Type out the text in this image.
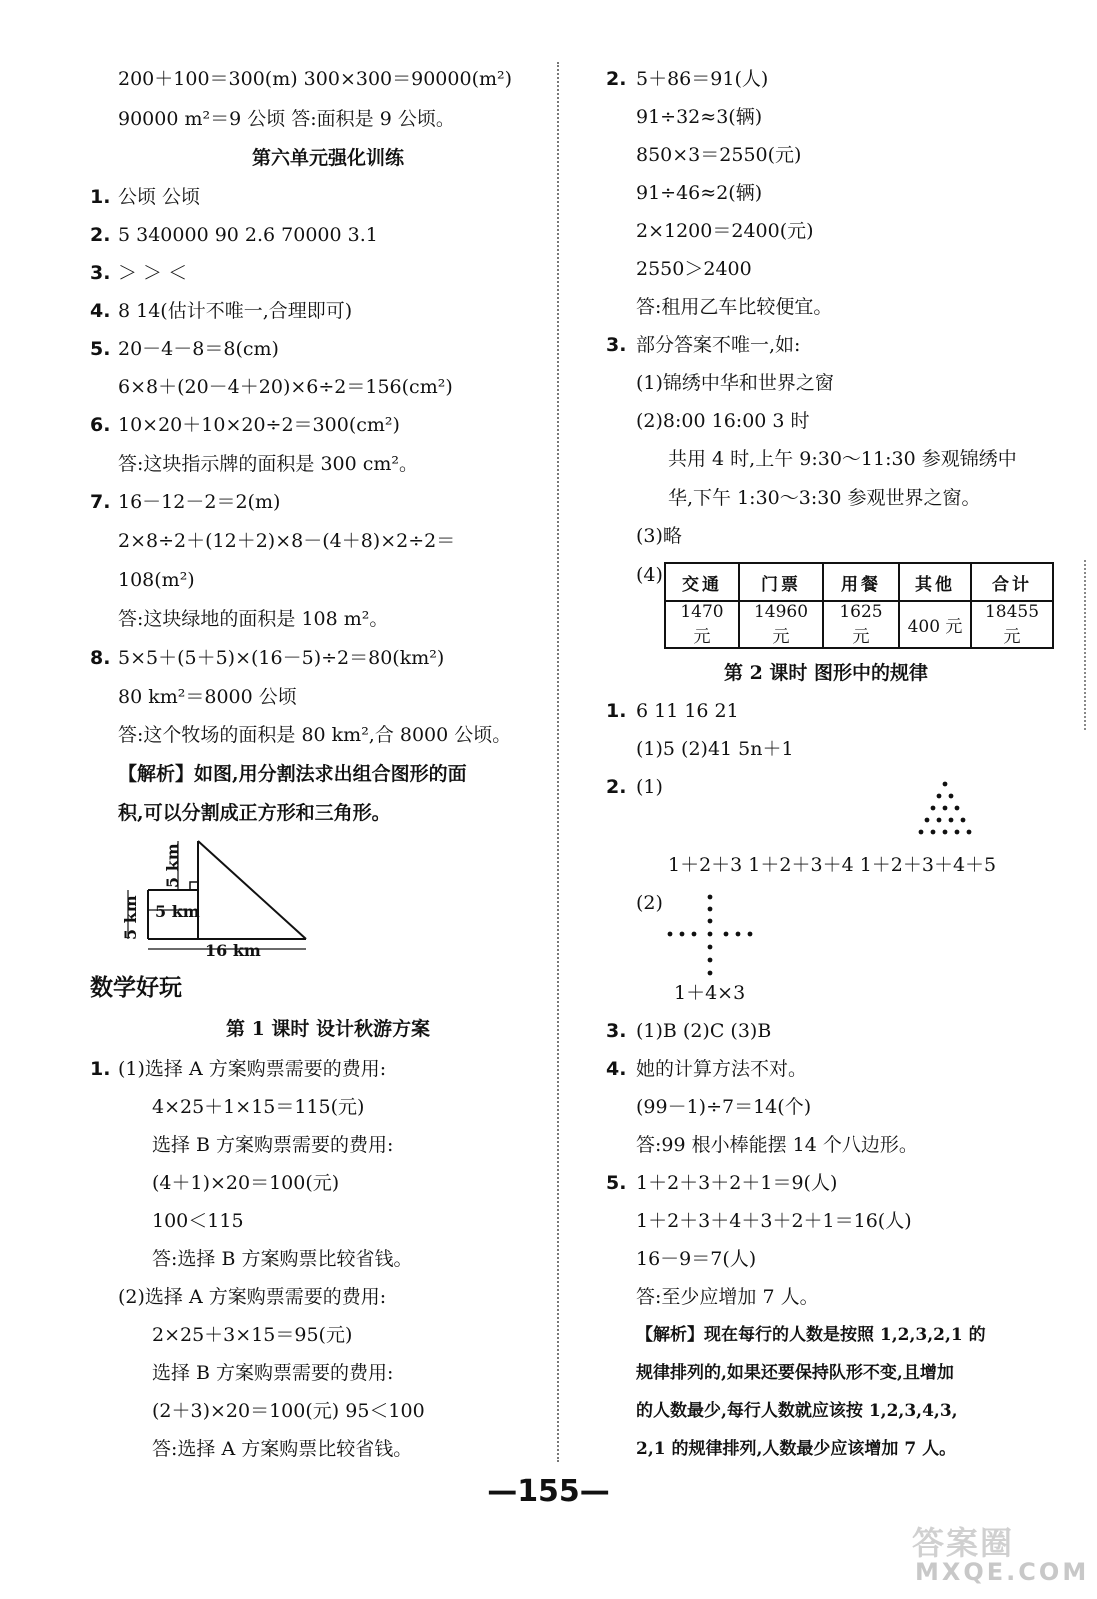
200＋100＝300(m) 300×300＝90000(m²)
90000 m²＝9 公顷 答:面积是 9 公顷。
第六单元强化训练
1. 公顷 公顷
2. 5 340000 90 2.6 70000 3.1
3. ＞ ＞ ＜
4. 8 14(估计不唯一,合理即可)
5. 20－4－8＝8(cm)
6×8＋(20－4＋20)×6÷2＝156(cm²)
6. 10×20＋10×20÷2＝300(cm²)
答:这块指示牌的面积是 300 cm²。
7. 16－12－2＝2(m)
2×8÷2＋(12＋2)×8－(4＋8)×2÷2＝
108(m²)
答:这块绿地的面积是 108 m²。
8. 5×5＋(5＋5)×(16－5)÷2＝80(km²)
80 km²＝8000 公顷
答:这个牧场的面积是 80 km²,合 8000 公顷。
【解析】如图,用分割法求出组合图形的面
积,可以分割成正方形和三角形。
5 km
5 km
5 km
16 km
数学好玩
第 1 课时 设计秋游方案
1. (1)选择 A 方案购票需要的费用:
4×25＋1×15＝115(元)
选择 B 方案购票需要的费用:
(4＋1)×20＝100(元)
100＜115
答:选择 B 方案购票比较省钱。
(2)选择 A 方案购票需要的费用:
2×25＋3×15＝95(元)
选择 B 方案购票需要的费用:
(2＋3)×20＝100(元) 95＜100
答:选择 A 方案购票比较省钱。
2. 5＋86＝91(人)
91÷32≈3(辆)
850×3＝2550(元)
91÷46≈2(辆)
2×1200＝2400(元)
2550＞2400
答:租用乙车比较便宜。
3. 部分答案不唯一,如:
(1)锦绣中华和世界之窗
(2)8:00 16:00 3 时
共用 4 时,上午 9:30～11:30 参观锦绣中
华,下午 1:30～3:30 参观世界之窗。
(3)略
(4) 交通	门票	用餐	其他	合计
1470 元	14960 元	1625 元	400 元	18455 元
第 2 课时 图形中的规律
1. 6 11 16 21
(1)5 (2)41 5n＋1
2. (1)
1＋2＋3 1＋2＋3＋4 1＋2＋3＋4＋5
(2)
1＋4×3
3. (1)B (2)C (3)B
4. 她的计算方法不对。
(99－1)÷7＝14(个)
答:99 根小棒能摆 14 个八边形。
5. 1＋2＋3＋2＋1＝9(人)
1＋2＋3＋4＋3＋2＋1＝16(人)
16－9＝7(人)
答:至少应增加 7 人。
【解析】现在每行的人数是按照 1,2,3,2,1 的
规律排列的,如果还要保持队形不变,且增加
的人数最少,每行人数就应该按 1,2,3,4,3,
2,1 的规律排列,人数最少应该增加 7 人。
—155—
答案圈
MXQE.COM
